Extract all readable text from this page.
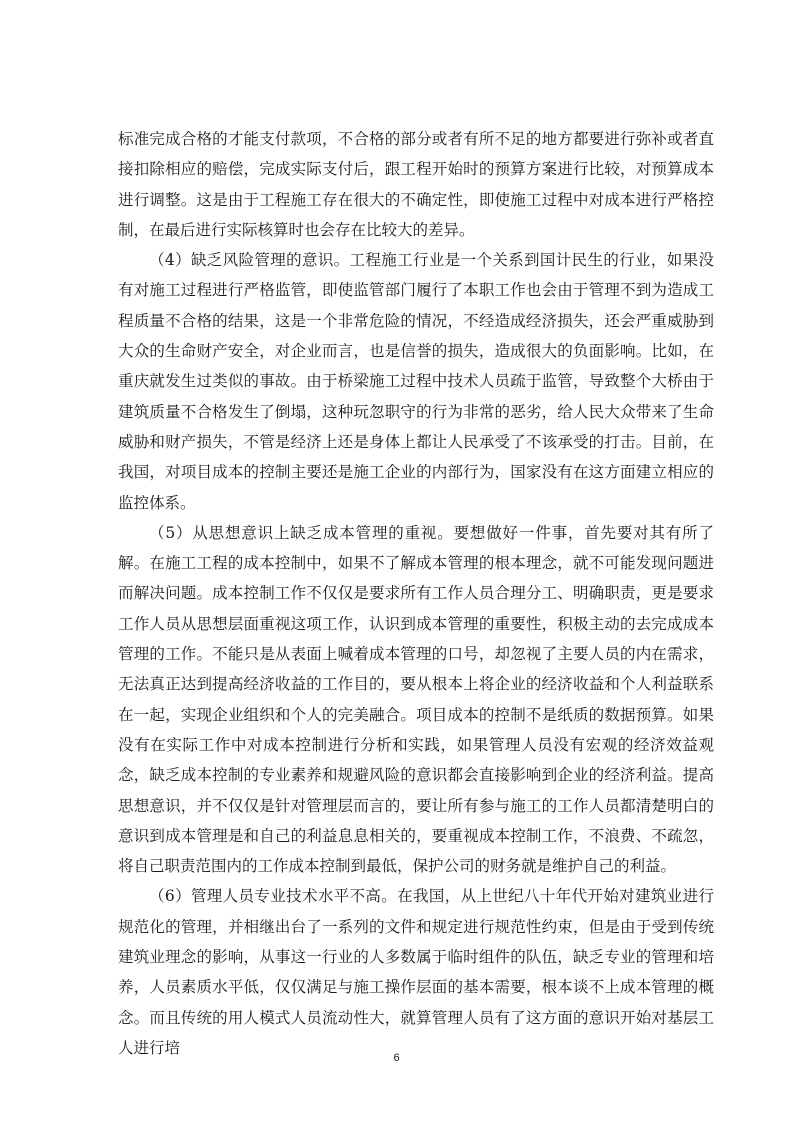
标准完成合格的才能支付款项，不合格的部分或者有所不足的地方都要进行弥补或者直接扣除相应的赔偿，完成实际支付后，跟工程开始时的预算方案进行比较，对预算成本进行调整。这是由于工程施工存在很大的不确定性，即使施工过程中对成本进行严格控制，在最后进行实际核算时也会存在比较大的差异。

（4）缺乏风险管理的意识。工程施工行业是一个关系到国计民生的行业，如果没有对施工过程进行严格监管，即使监管部门履行了本职工作也会由于管理不到为造成工程质量不合格的结果，这是一个非常危险的情况，不经造成经济损失，还会严重威胁到大众的生命财产安全，对企业而言，也是信誉的损失，造成很大的负面影响。比如，在重庆就发生过类似的事故。由于桥梁施工过程中技术人员疏于监管，导致整个大桥由于建筑质量不合格发生了倒塌，这种玩忽职守的行为非常的恶劣，给人民大众带来了生命威胁和财产损失，不管是经济上还是身体上都让人民承受了不该承受的打击。目前，在我国，对项目成本的控制主要还是施工企业的内部行为，国家没有在这方面建立相应的监控体系。

（5）从思想意识上缺乏成本管理的重视。要想做好一件事，首先要对其有所了解。在施工工程的成本控制中，如果不了解成本管理的根本理念，就不可能发现问题进而解决问题。成本控制工作不仅仅是要求所有工作人员合理分工、明确职责，更是要求工作人员从思想层面重视这项工作，认识到成本管理的重要性，积极主动的去完成成本管理的工作。不能只是从表面上喊着成本管理的口号，却忽视了主要人员的内在需求，无法真正达到提高经济收益的工作目的，要从根本上将企业的经济收益和个人利益联系在一起，实现企业组织和个人的完美融合。项目成本的控制不是纸质的数据预算。如果没有在实际工作中对成本控制进行分析和实践，如果管理人员没有宏观的经济效益观念，缺乏成本控制的专业素养和规避风险的意识都会直接影响到企业的经济利益。提高思想意识，并不仅仅是针对管理层而言的，要让所有参与施工的工作人员都清楚明白的意识到成本管理是和自己的利益息息相关的，要重视成本控制工作，不浪费、不疏忽，将自己职责范围内的工作成本控制到最低，保护公司的财务就是维护自己的利益。

（6）管理人员专业技术水平不高。在我国，从上世纪八十年代开始对建筑业进行规范化的管理，并相继出台了一系列的文件和规定进行规范性约束，但是由于受到传统建筑业理念的影响，从事这一行业的人多数属于临时组件的队伍，缺乏专业的管理和培养，人员素质水平低，仅仅满足与施工操作层面的基本需要，根本谈不上成本管理的概念。而且传统的用人模式人员流动性大，就算管理人员有了这方面的意识开始对基层工人进行培

6
